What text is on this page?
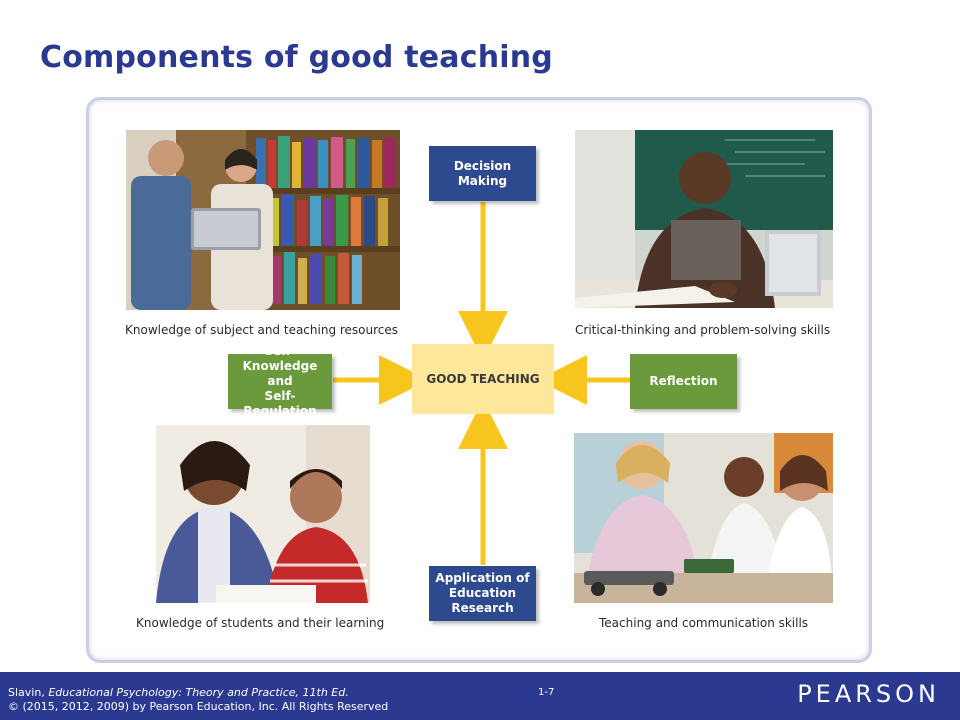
Components of good teaching
Knowledge of subject and teaching resources	Critical-thinking and problem-solving skills
Knowledge of students and their learning	Teaching and communication skills
Decision
Making
Self-Knowledge
and
Self-Regulation
GOOD TEACHING	Reflection
Application of
Education
Research
Slavin, Educational Psychology: Theory and Practice, 11th Ed.
© (2015, 2012, 2009) by Pearson Education, Inc. All Rights Reserved
1-7	PEARSON
